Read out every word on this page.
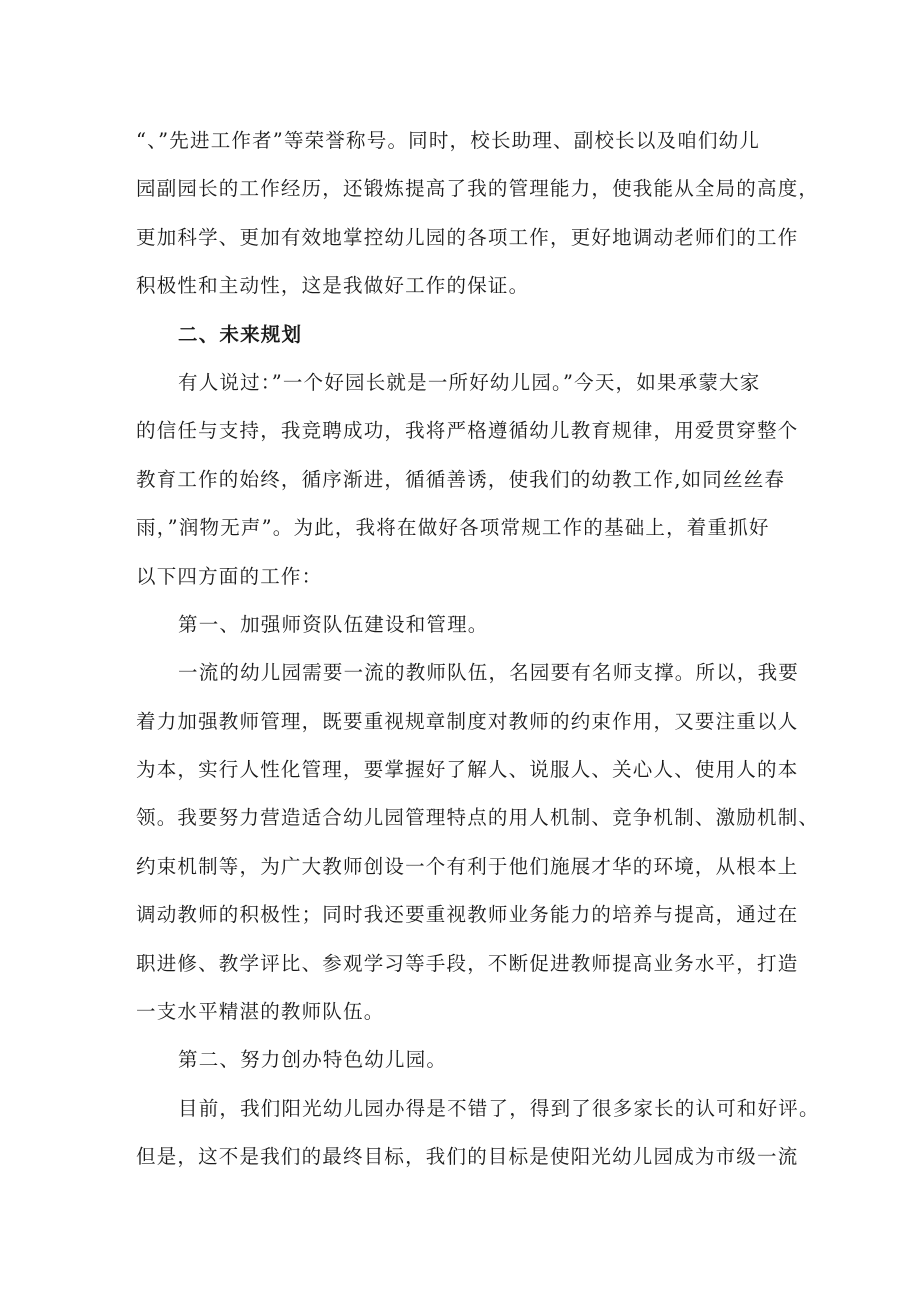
“、”先进工作者”等荣誉称号。同时，校长助理、副校长以及咱们幼儿
园副园长的工作经历，还锻炼提高了我的管理能力，使我能从全局的高度，
更加科学、更加有效地掌控幼儿园的各项工作，更好地调动老师们的工作
积极性和主动性，这是我做好工作的保证。
二、未来规划
有人说过：”一个好园长就是一所好幼儿园。”今天，如果承蒙大家
的信任与支持，我竞聘成功，我将严格遵循幼儿教育规律，用爱贯穿整个
教育工作的始终，循序渐进，循循善诱，使我们的幼教工作,如同丝丝春
雨，”润物无声”。为此，我将在做好各项常规工作的基础上，着重抓好
以下四方面的工作：
第一、加强师资队伍建设和管理。
一流的幼儿园需要一流的教师队伍，名园要有名师支撑。所以，我要
着力加强教师管理，既要重视规章制度对教师的约束作用，又要注重以人
为本，实行人性化管理，要掌握好了解人、说服人、关心人、使用人的本
领。我要努力营造适合幼儿园管理特点的用人机制、竞争机制、激励机制、
约束机制等，为广大教师创设一个有利于他们施展才华的环境，从根本上
调动教师的积极性；同时我还要重视教师业务能力的培养与提高，通过在
职进修、教学评比、参观学习等手段，不断促进教师提高业务水平，打造
一支水平精湛的教师队伍。
第二、努力创办特色幼儿园。
目前，我们阳光幼儿园办得是不错了，得到了很多家长的认可和好评。
但是，这不是我们的最终目标，我们的目标是使阳光幼儿园成为市级一流
